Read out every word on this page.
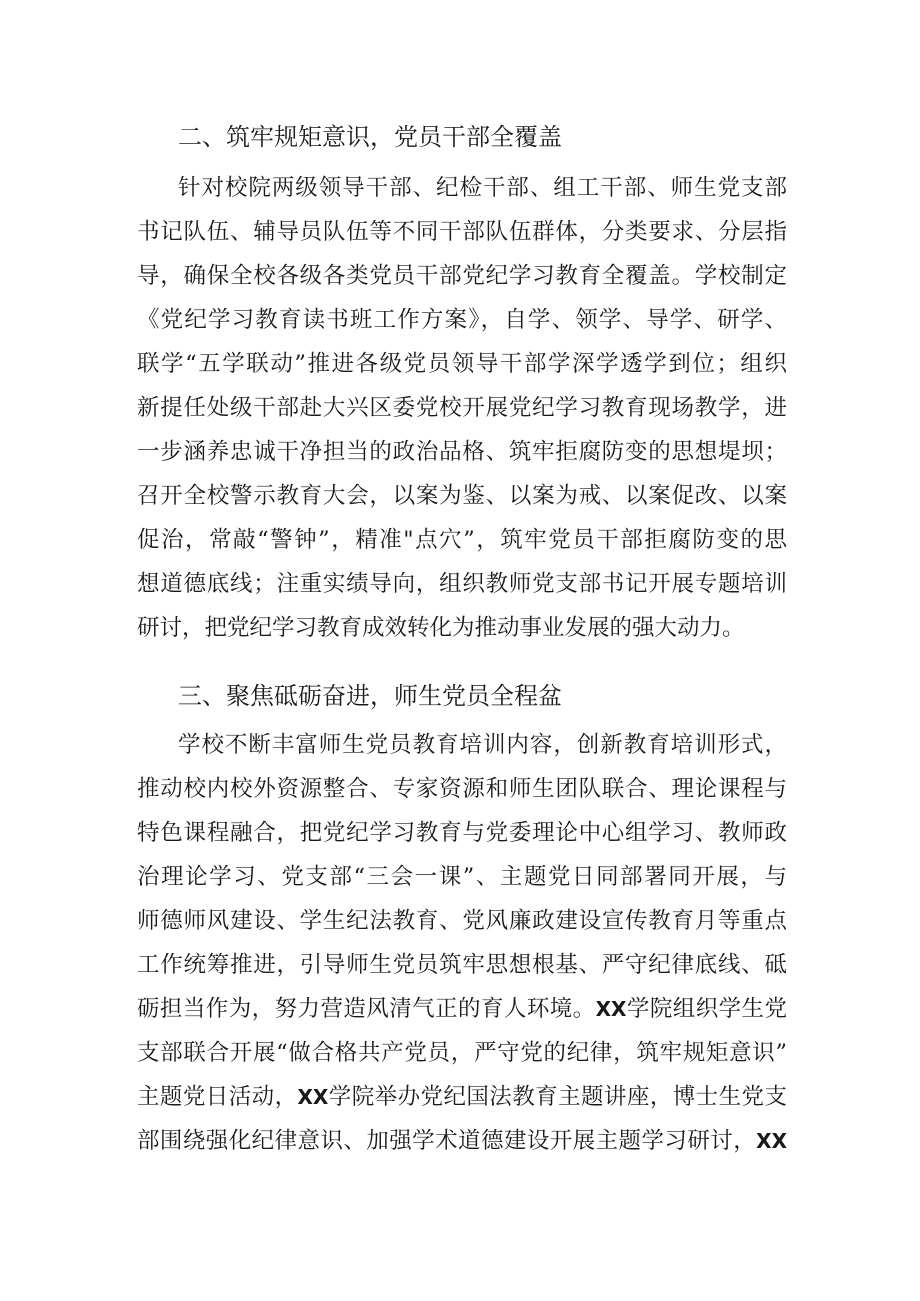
二、筑牢规矩意识，党员干部全覆盖
针对校院两级领导干部、纪检干部、组工干部、师生党支部
书记队伍、辅导员队伍等不同干部队伍群体，分类要求、分层指
导，确保全校各级各类党员干部党纪学习教育全覆盖。学校制定
《党纪学习教育读书班工作方案》，自学、领学、导学、研学、
联学“五学联动”推进各级党员领导干部学深学透学到位；组织
新提任处级干部赴大兴区委党校开展党纪学习教育现场教学，进
一步涵养忠诚干净担当的政治品格、筑牢拒腐防变的思想堤坝；
召开全校警示教育大会，以案为鉴、以案为戒、以案促改、以案
促治，常敲“警钟”，精准"点穴”，筑牢党员干部拒腐防变的思
想道德底线；注重实绩导向，组织教师党支部书记开展专题培训
研讨，把党纪学习教育成效转化为推动事业发展的强大动力。
三、聚焦砥砺奋进，师生党员全程盆
学校不断丰富师生党员教育培训内容，创新教育培训形式，
推动校内校外资源整合、专家资源和师生团队联合、理论课程与
特色课程融合，把党纪学习教育与党委理论中心组学习、教师政
治理论学习、党支部“三会一课”、主题党日同部署同开展，与
师德师风建设、学生纪法教育、党风廉政建设宣传教育月等重点
工作统筹推进，引导师生党员筑牢思想根基、严守纪律底线、砥
砺担当作为，努力营造风清气正的育人环境。XX学院组织学生党
支部联合开展“做合格共产党员，严守党的纪律，筑牢规矩意识”
主题党日活动，XX学院举办党纪国法教育主题讲座，博士生党支
部围绕强化纪律意识、加强学术道德建设开展主题学习研讨，XX
